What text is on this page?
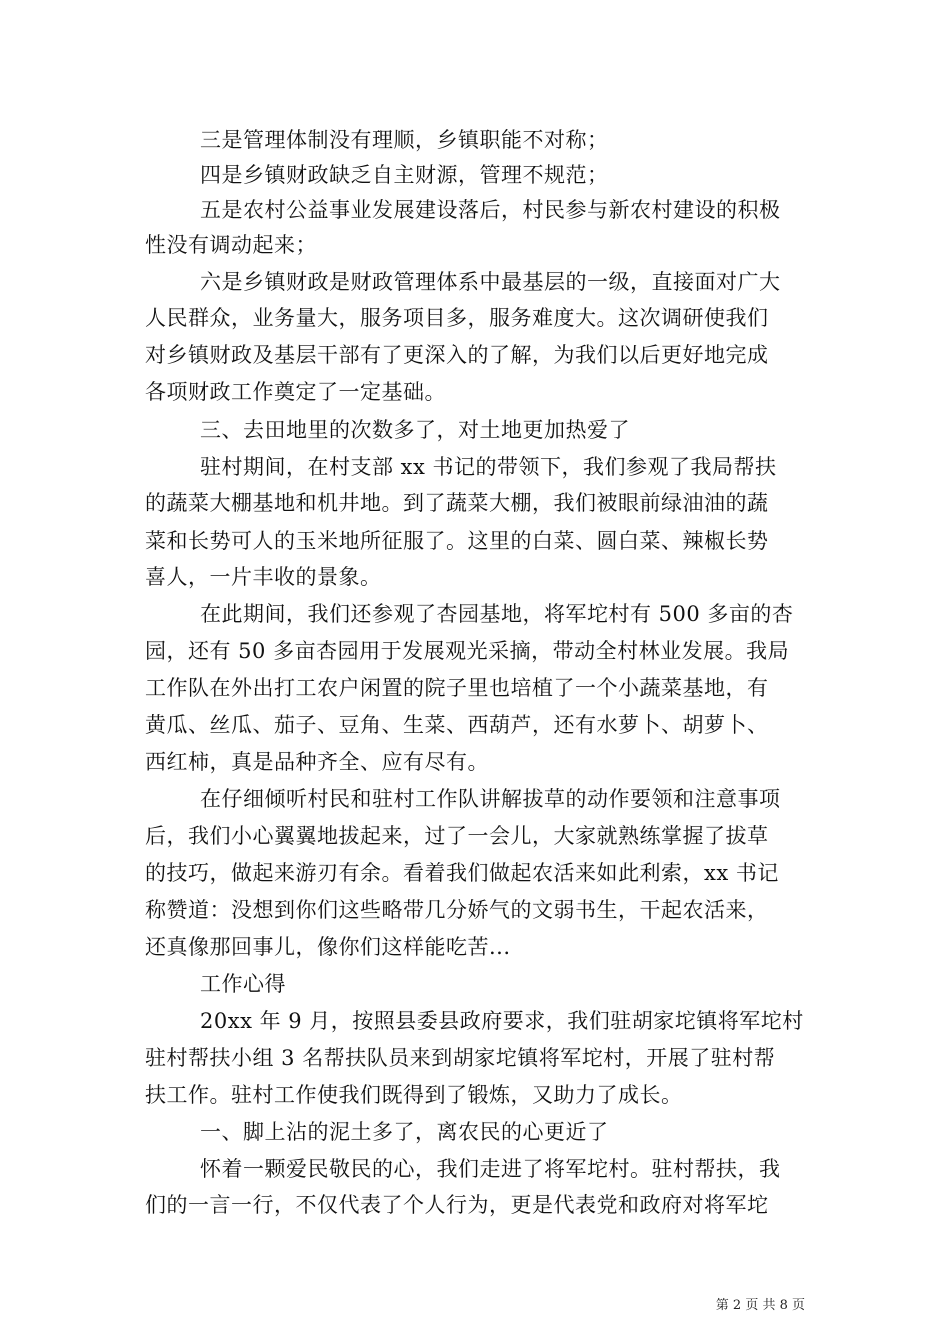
三是管理体制没有理顺，乡镇职能不对称；
四是乡镇财政缺乏自主财源，管理不规范；
五是农村公益事业发展建设落后，村民参与新农村建设的积极
性没有调动起来；
六是乡镇财政是财政管理体系中最基层的一级，直接面对广大
人民群众，业务量大，服务项目多，服务难度大。这次调研使我们
对乡镇财政及基层干部有了更深入的了解，为我们以后更好地完成
各项财政工作奠定了一定基础。
三、去田地里的次数多了，对土地更加热爱了
驻村期间，在村支部 xx 书记的带领下，我们参观了我局帮扶
的蔬菜大棚基地和机井地。到了蔬菜大棚，我们被眼前绿油油的蔬
菜和长势可人的玉米地所征服了。这里的白菜、圆白菜、辣椒长势
喜人，一片丰收的景象。
在此期间，我们还参观了杏园基地，将军坨村有 500 多亩的杏
园，还有 50 多亩杏园用于发展观光采摘，带动全村林业发展。我局
工作队在外出打工农户闲置的院子里也培植了一个小蔬菜基地，有
黄瓜、丝瓜、茄子、豆角、生菜、西葫芦，还有水萝卜、胡萝卜、
西红柿，真是品种齐全、应有尽有。
在仔细倾听村民和驻村工作队讲解拔草的动作要领和注意事项
后，我们小心翼翼地拔起来，过了一会儿，大家就熟练掌握了拔草
的技巧，做起来游刃有余。看着我们做起农活来如此利索，xx 书记
称赞道：没想到你们这些略带几分娇气的文弱书生，干起农活来，
还真像那回事儿，像你们这样能吃苦...
工作心得
20xx 年 9 月，按照县委县政府要求，我们驻胡家坨镇将军坨村
驻村帮扶小组 3 名帮扶队员来到胡家坨镇将军坨村，开展了驻村帮
扶工作。驻村工作使我们既得到了锻炼，又助力了成长。
一、脚上沾的泥土多了，离农民的心更近了
怀着一颗爱民敬民的心，我们走进了将军坨村。驻村帮扶，我
们的一言一行，不仅代表了个人行为，更是代表党和政府对将军坨
第 2 页 共 8 页
